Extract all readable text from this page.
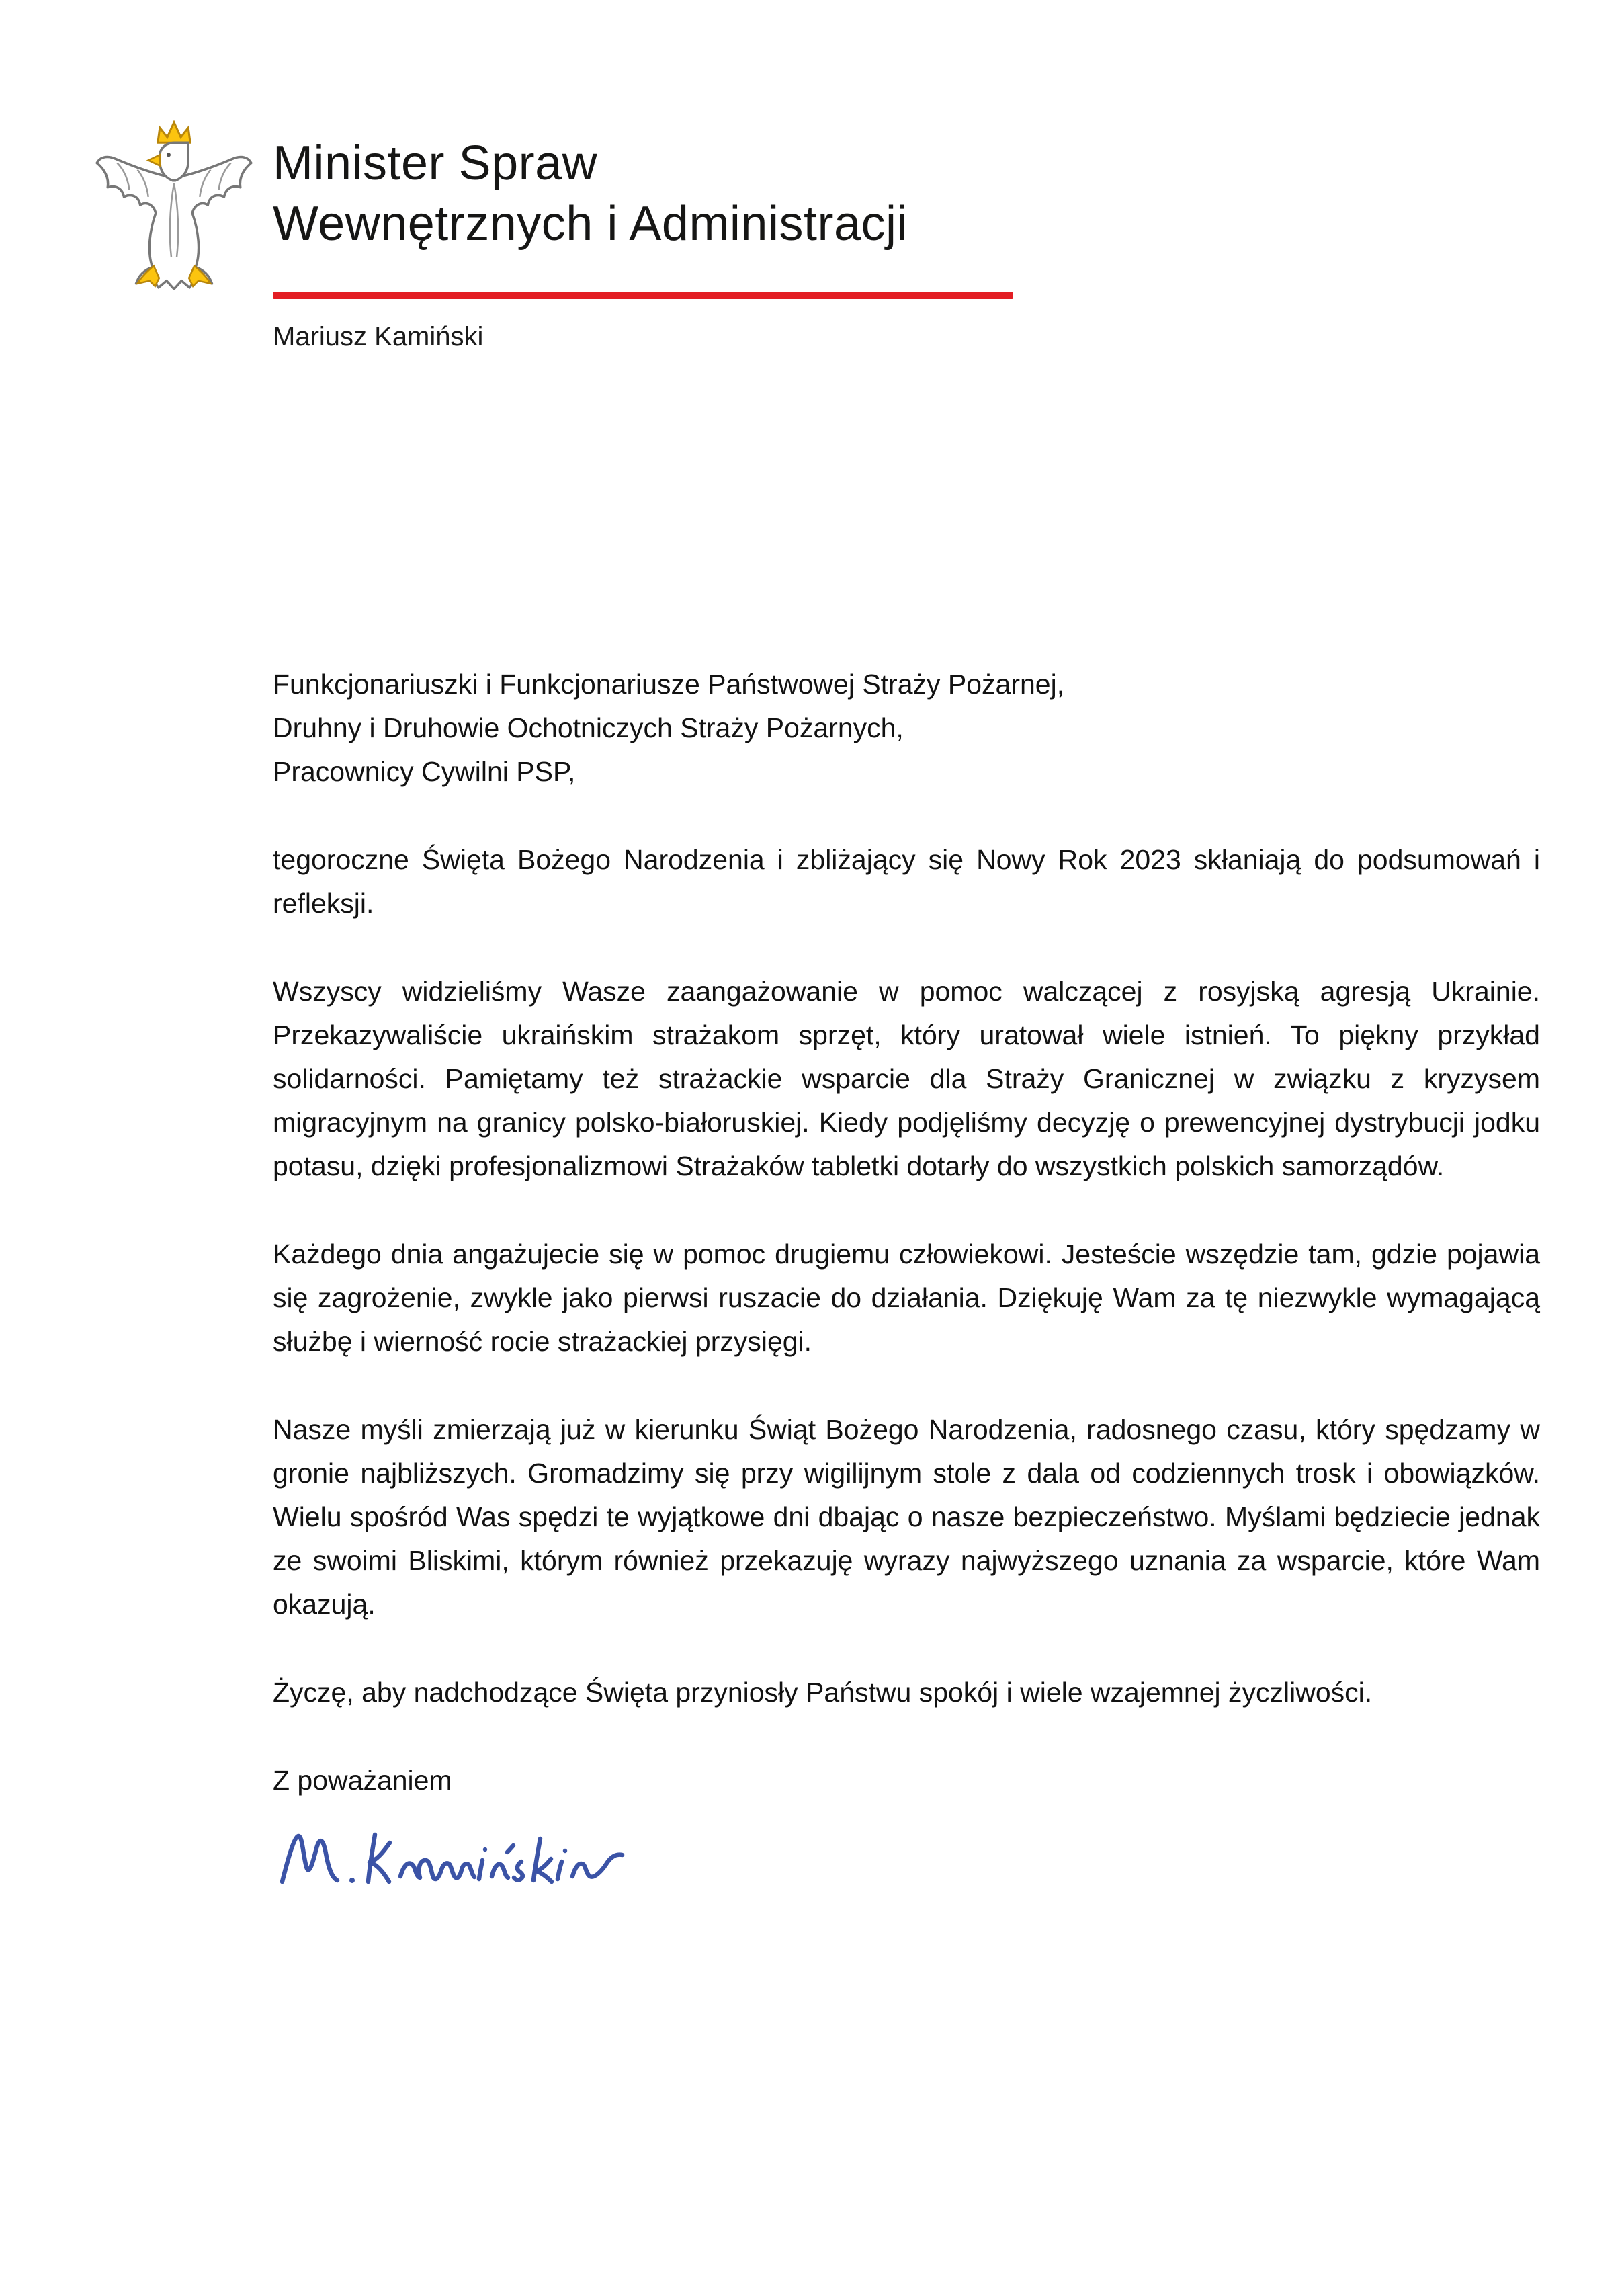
Minister Spraw
Wewnętrznych i Administracji
Mariusz Kamiński

Funkcjonariuszki i Funkcjonariusze Państwowej Straży Pożarnej,
Druhny i Druhowie Ochotniczych Straży Pożarnych,
Pracownicy Cywilni PSP,

tegoroczne Święta Bożego Narodzenia i zbliżający się Nowy Rok 2023 skłaniają do podsumowań i refleksji.

Wszyscy widzieliśmy Wasze zaangażowanie w pomoc walczącej z rosyjską agresją Ukrainie. Przekazywaliście ukraińskim strażakom sprzęt, który uratował wiele istnień. To piękny przykład solidarności. Pamiętamy też strażackie wsparcie dla Straży Granicznej w związku z kryzysem migracyjnym na granicy polsko-białoruskiej. Kiedy podjęliśmy decyzję o prewencyjnej dystrybucji jodku potasu, dzięki profesjonalizmowi Strażaków tabletki dotarły do wszystkich polskich samorządów.

Każdego dnia angażujecie się w pomoc drugiemu człowiekowi. Jesteście wszędzie tam, gdzie pojawia się zagrożenie, zwykle jako pierwsi ruszacie do działania. Dziękuję Wam za tę niezwykle wymagającą służbę i wierność rocie strażackiej przysięgi.

Nasze myśli zmierzają już w kierunku Świąt Bożego Narodzenia, radosnego czasu, który spędzamy w gronie najbliższych. Gromadzimy się przy wigilijnym stole z dala od codziennych trosk i obowiązków. Wielu spośród Was spędzi te wyjątkowe dni dbając o nasze bezpieczeństwo. Myślami będziecie jednak ze swoimi Bliskimi, którym również przekazuję wyrazy najwyższego uznania za wsparcie, które Wam okazują.

Życzę, aby nadchodzące Święta przyniosły Państwu spokój i wiele wzajemnej życzliwości.

Z poważaniem
